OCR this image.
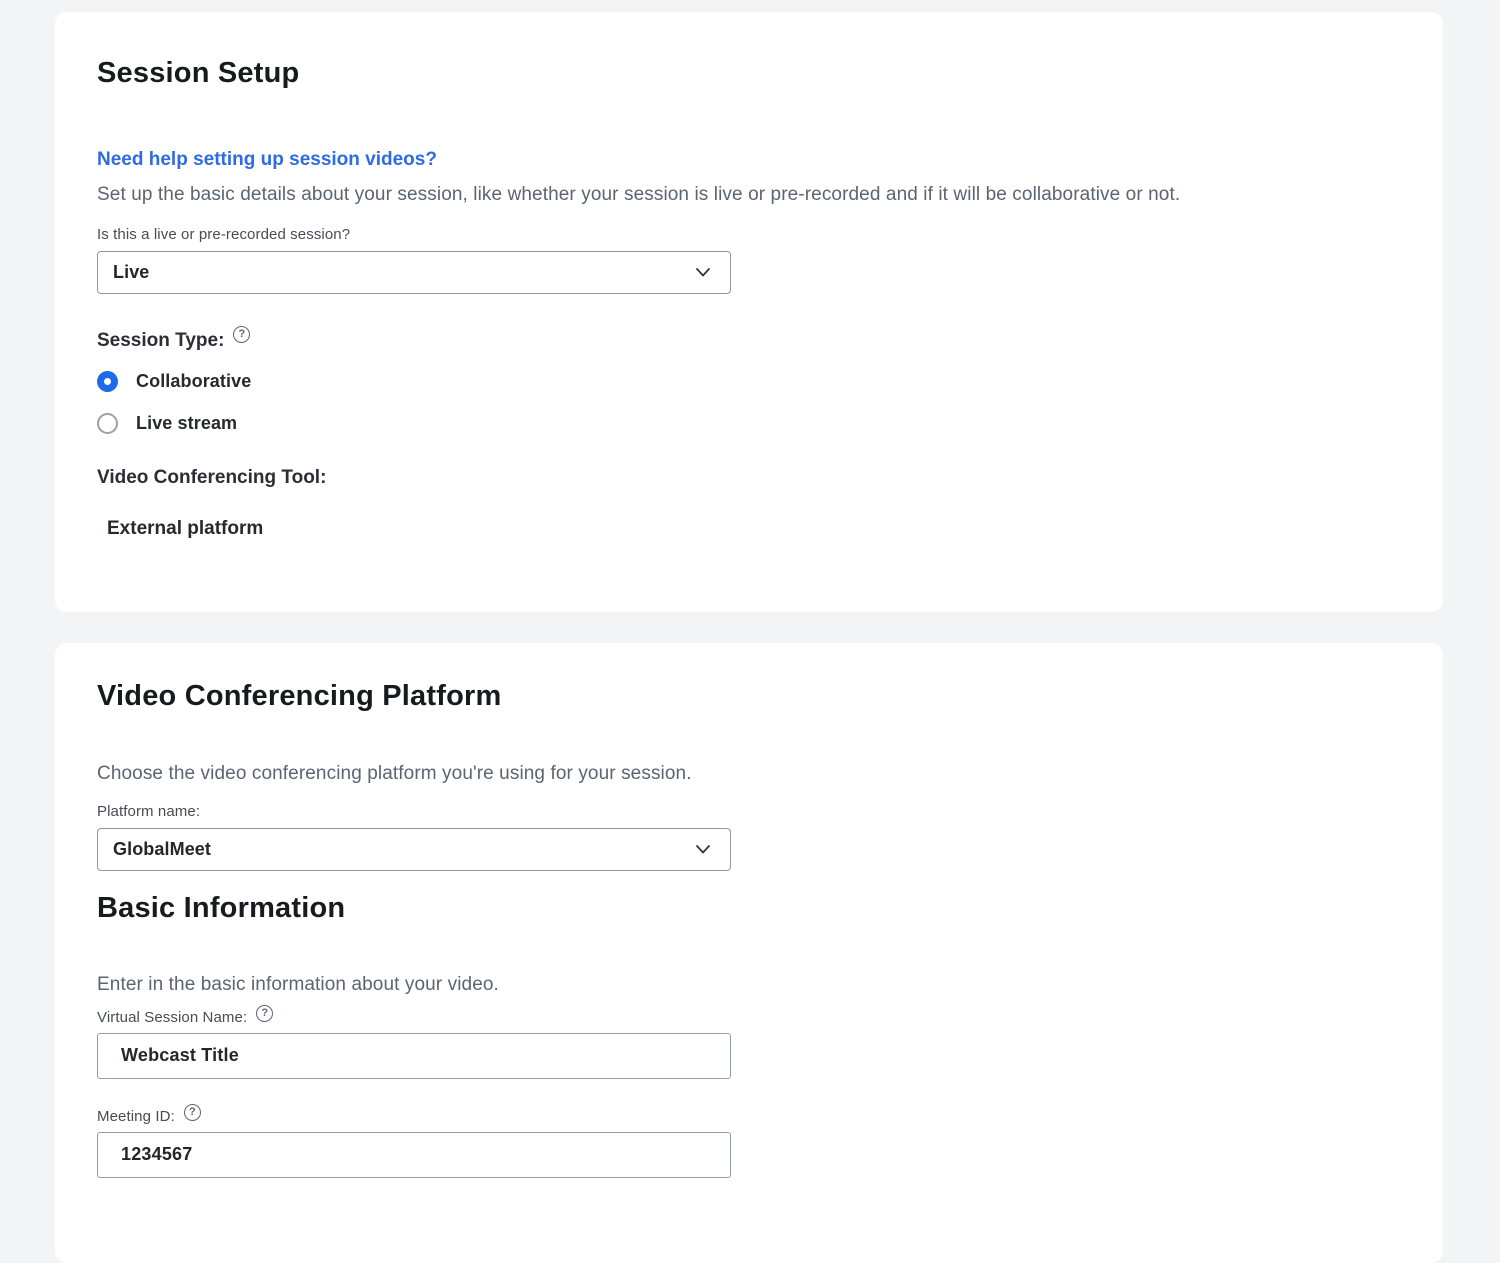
Session Setup
Need help setting up session videos?

Set up the basic details about your session, like whether your session is live or pre-recorded and if it will be collaborative or not.

Is this a live or pre-recorded session?
Live
Session Type:	?
Collaborative
Live stream
Video Conferencing Tool:
External platform
Video Conferencing Platform

Choose the video conferencing platform you're using for your session.

Platform name:
GlobalMeet
Basic Information

Enter in the basic information about your video.

Virtual Session Name:	?
Webcast Title
Meeting ID:	?
1234567
